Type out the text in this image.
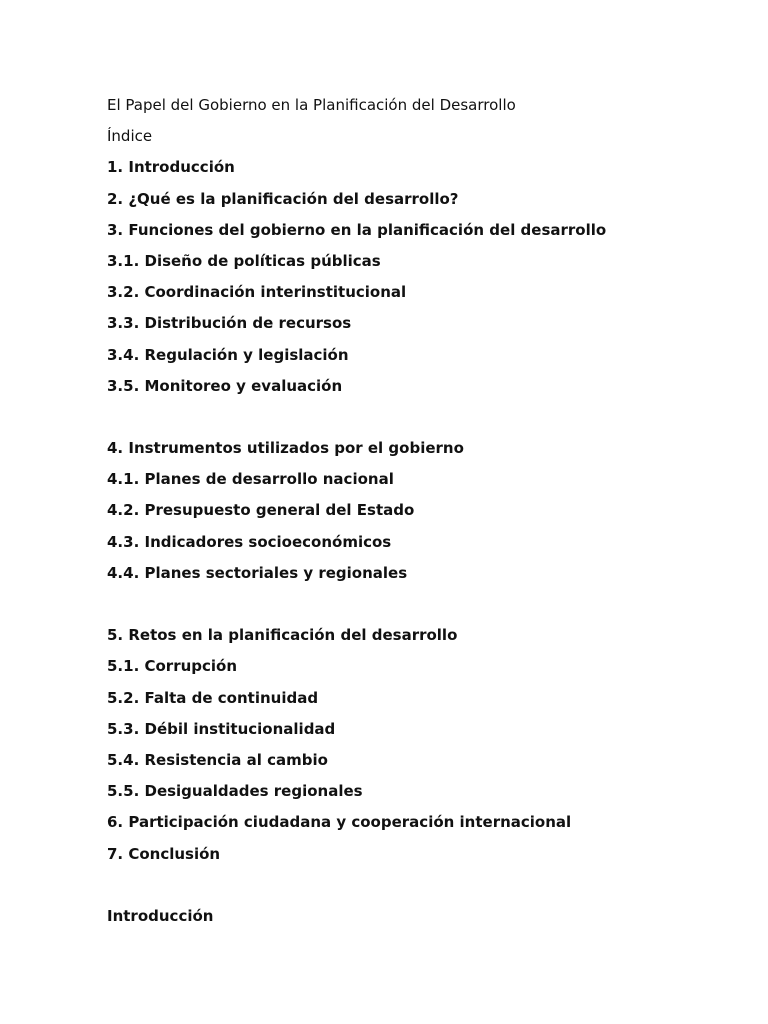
El Papel del Gobierno en la Planificación del Desarrollo
Índice
1. Introducción
2. ¿Qué es la planificación del desarrollo?
3. Funciones del gobierno en la planificación del desarrollo
3.1. Diseño de políticas públicas
3.2. Coordinación interinstitucional
3.3. Distribución de recursos
3.4. Regulación y legislación
3.5. Monitoreo y evaluación
4. Instrumentos utilizados por el gobierno
4.1. Planes de desarrollo nacional
4.2. Presupuesto general del Estado
4.3. Indicadores socioeconómicos
4.4. Planes sectoriales y regionales
5. Retos en la planificación del desarrollo
5.1. Corrupción
5.2. Falta de continuidad
5.3. Débil institucionalidad
5.4. Resistencia al cambio
5.5. Desigualdades regionales
6. Participación ciudadana y cooperación internacional
7. Conclusión
Introducción
